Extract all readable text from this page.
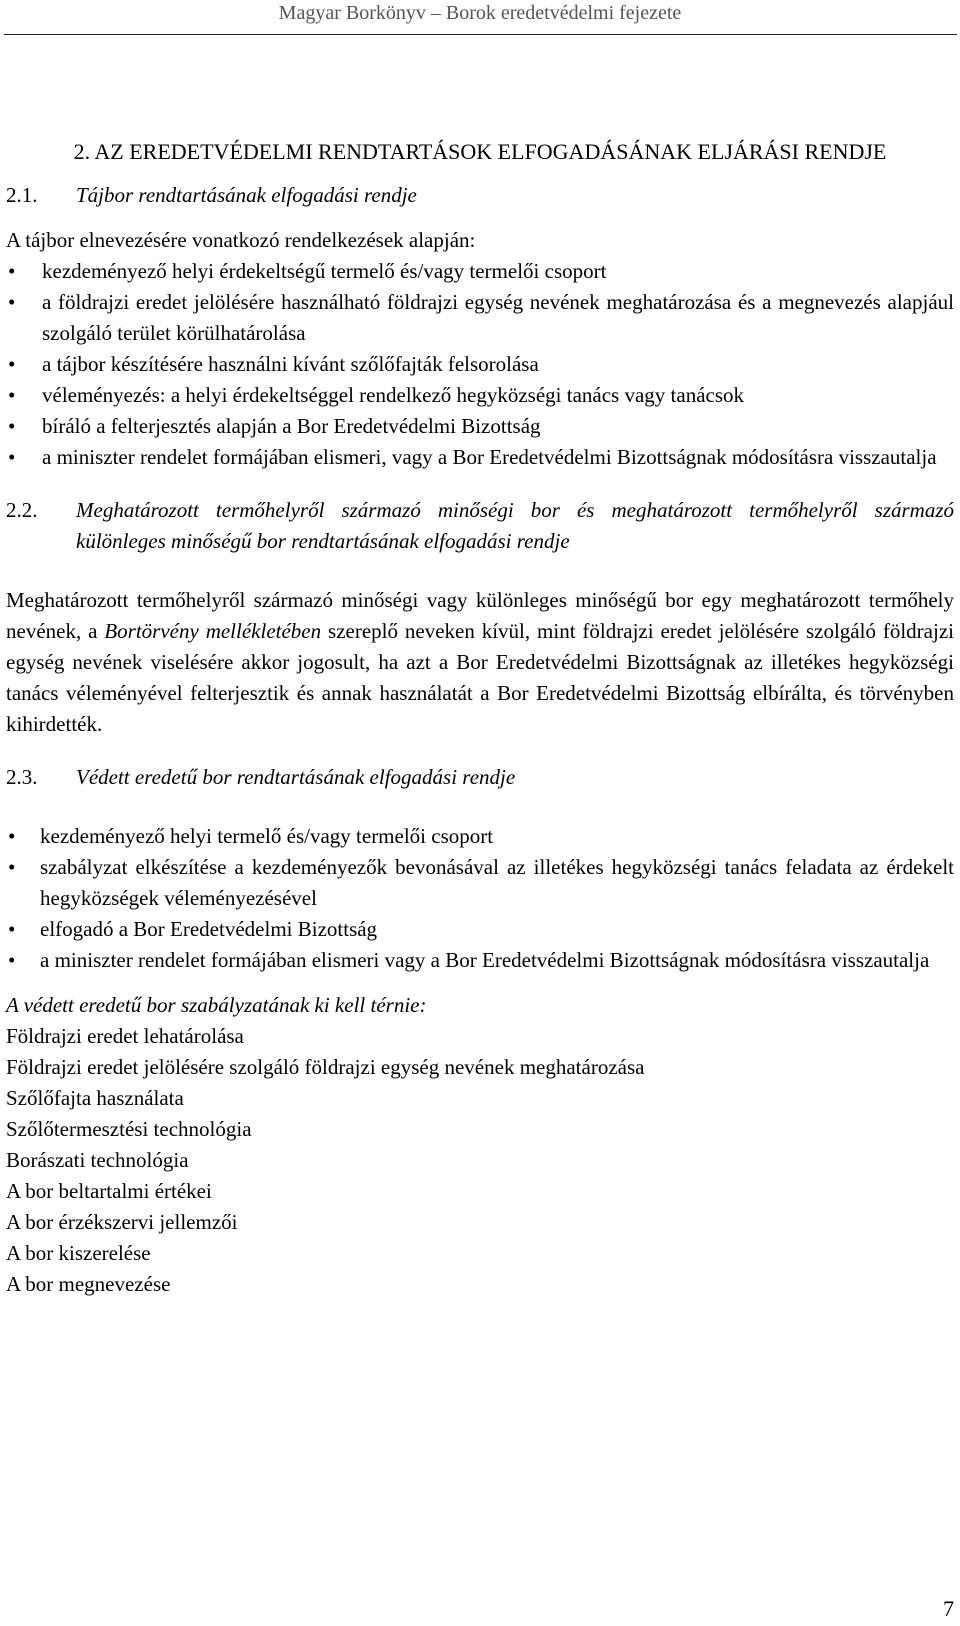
Magyar Borkönyv – Borok eredetvédelmi fejezete
2. AZ EREDETVÉDELMI RENDTARTÁSOK ELFOGADÁSÁNAK ELJÁRÁSI RENDJE
2.1.	Tájbor rendtartásának elfogadási rendje

A tájbor elnevezésére vonatkozó rendelkezések alapján:

• kezdeményező helyi érdekeltségű termelő és/vagy termelői csoport
• a földrajzi eredet jelölésére használható földrajzi egység nevének meghatározása és a megnevezés alapjául szolgáló terület körülhatárolása
• a tájbor készítésére használni kívánt szőlőfajták felsorolása
• véleményezés: a helyi érdekeltséggel rendelkező hegyközségi tanács vagy tanácsok
• bíráló a felterjesztés alapján a Bor Eredetvédelmi Bizottság
• a miniszter rendelet formájában elismeri, vagy a Bor Eredetvédelmi Bizottságnak módosításra visszautalja
2.2.	Meghatározott termőhelyről származó minőségi bor és meghatározott termőhelyről származó különleges minőségű bor rendtartásának elfogadási rendje

Meghatározott termőhelyről származó minőségi vagy különleges minőségű bor egy meghatározott termőhely nevének, a Bortörvény mellékletében szereplő neveken kívül, mint földrajzi eredet jelölésére szolgáló földrajzi egység nevének viselésére akkor jogosult, ha azt a Bor Eredetvédelmi Bizottságnak az illetékes hegyközségi tanács véleményével felterjesztik és annak használatát a Bor Eredetvédelmi Bizottság elbírálta, és törvényben kihirdették.

2.3.	Védett eredetű bor rendtartásának elfogadási rendje
• kezdeményező helyi termelő és/vagy termelői csoport
• szabályzat elkészítése a kezdeményezők bevonásával az illetékes hegyközségi tanács feladata az érdekelt hegyközségek véleményezésével
• elfogadó a Bor Eredetvédelmi Bizottság
• a miniszter rendelet formájában elismeri vagy a Bor Eredetvédelmi Bizottságnak módosításra visszautalja

A védett eredetű bor szabályzatának ki kell térnie:

Földrajzi eredet lehatárolása

Földrajzi eredet jelölésére szolgáló földrajzi egység nevének meghatározása

Szőlőfajta használata

Szőlőtermesztési technológia

Borászati technológia

A bor beltartalmi értékei

A bor érzékszervi jellemzői

A bor kiszerelése

A bor megnevezése

7
